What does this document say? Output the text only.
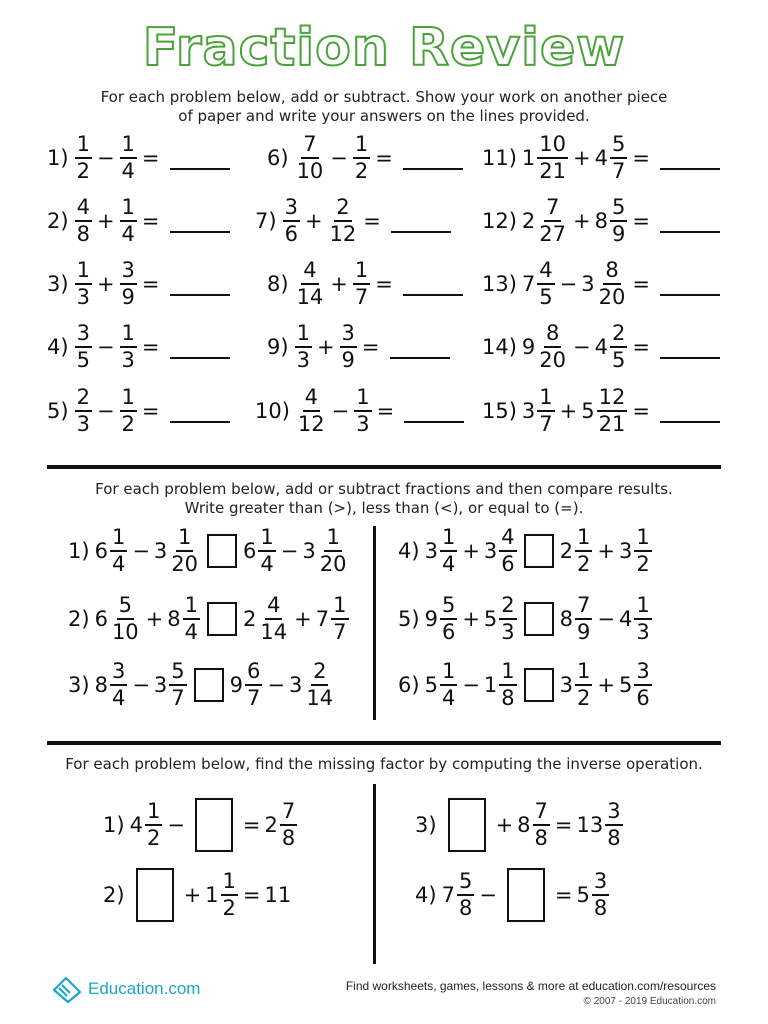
Fraction Review
For each problem below, add or subtract. Show your work on another piece
of paper and write your answers on the lines provided.
$1) \frac{1}{2} - \frac{1}{4}$ =
$2) \frac{4}{8} + \frac{1}{4}$ =
$3) \frac{1}{3} + \frac{3}{9}$ =
$4) \frac{3}{5} - \frac{1}{3}$ =
$5) \frac{2}{3} - \frac{1}{2}$ =
$6) \frac{7}{10} - \frac{1}{2}$ =
$7) \frac{3}{6} + \frac{2}{12}$ =
$8) \frac{4}{14} + \frac{1}{7}$ =
$9) \frac{1}{3} + \frac{3}{9}$ =
$10) \frac{4}{12} - \frac{1}{3}$ =
11) $1 \frac{10}{21} + 4 \frac{5}{7}$ =
12) $2 \frac{7}{27} + 8 \frac{5}{9}$ =
13) $7 \frac{4}{5} - 3 \frac{8}{20}$ =
14) $9 \frac{8}{20} - 4 \frac{2}{5}$ =
15) $3 \frac{1}{7} + 5 \frac{12}{21}$ =
For each problem below, add or subtract fractions and then compare results.
Write greater than (>), less than (<), or equal to (=).
1) $6 \frac{1}{4} - 3 \frac{1}{20} 6 \frac{1}{4} - 3 \frac{1}{20}$
2) $6 \frac{5}{10} + 8 \frac{1}{4} 2 \frac{4}{14} + 7 \frac{1}{7}$
3) $8 \frac{3}{4} - 3 \frac{5}{7} 9 \frac{6}{7} - 3 \frac{2}{14}$
4) $3 \frac{1}{4} + 3 \frac{4}{6} 2 \frac{1}{2} + 3 \frac{1}{2}$
5) $9 \frac{5}{6} + 5 \frac{2}{3} 8 \frac{7}{9} - 4 \frac{1}{3}$
6) $5 \frac{1}{4} - 1 \frac{1}{8} 3 \frac{1}{2} + 5 \frac{3}{6}$
For each problem below, find the missing factor by computing the inverse operation.
1) $4 \frac{1}{2}$ −	= $2 \frac{7}{8}$
2)	+ $1 \frac{1}{2} = 11$
3)	+ $8 \frac{7}{8} = 13 \frac{3}{8}$
4) $7 \frac{5}{8}$ −	= $5 \frac{3}{8}$
Education.com	Find worksheets, games, lessons & more at education.com/resources
© 2007 - 2019 Education.com
